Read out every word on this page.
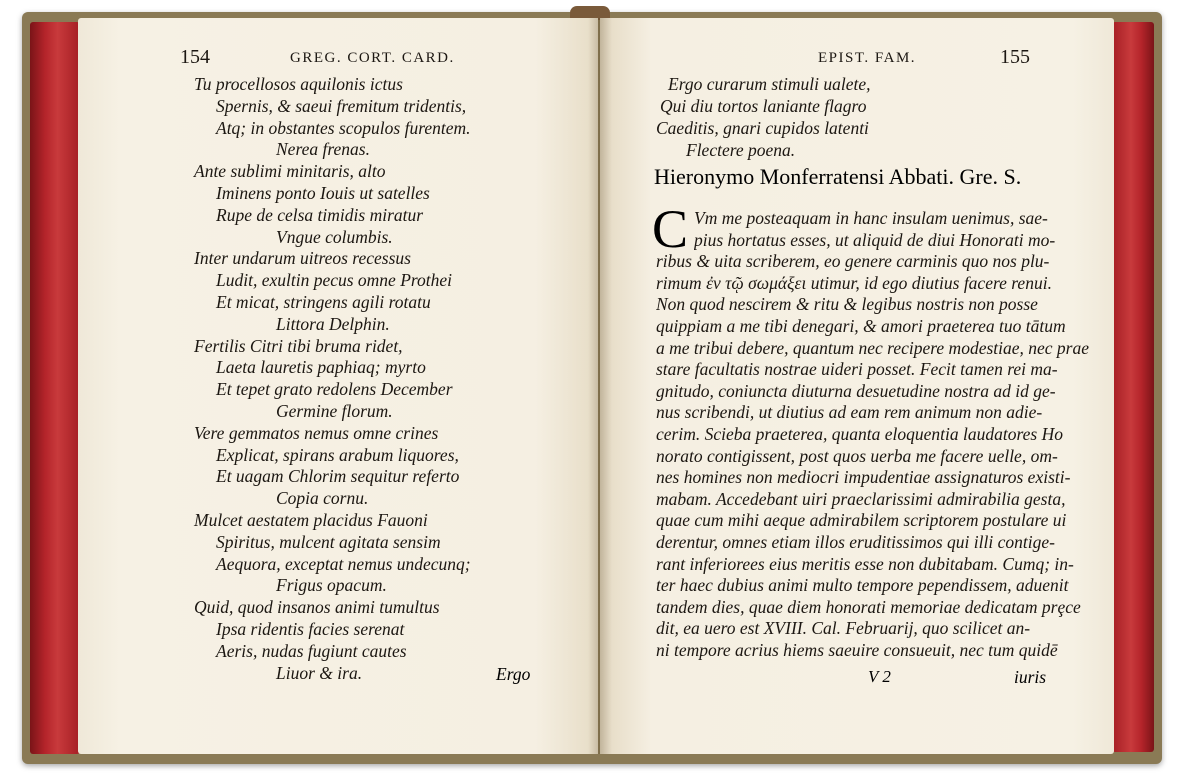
154	GREG. CORT. CARD.
Tu procellosos aquilonis ictus
Spernis, & saeui fremitum tridentis,
Atq; in obstantes scopulos furentem.
Nerea frenas.
Ante sublimi minitaris, alto
Iminens ponto Iouis ut satelles
Rupe de celsa timidis miratur
Vngue columbis.
Inter undarum uitreos recessus
Ludit, exultin pecus omne Prothei
Et micat, stringens agili rotatu
Littora Delphin.
Fertilis Citri tibi bruma ridet,
Laeta lauretis paphiaq; myrto
Et tepet grato redolens December
Germine florum.
Vere gemmatos nemus omne crines
Explicat, spirans arabum liquores,
Et uagam Chlorim sequitur referto
Copia cornu.
Mulcet aestatem placidus Fauoni
Spiritus, mulcent agitata sensim
Aequora, exceptat nemus undecunq;
Frigus opacum.
Quid, quod insanos animi tumultus
Ipsa ridentis facies serenat
Aeris, nudas fugiunt cautes
Liuor & ira.	Ergo
EPIST. FAM.	155
Ergo curarum stimuli ualete,
Qui diu tortos laniante flagro
Caeditis, gnari cupidos latenti
Flectere poena.
Hieronymo Monferratensi Abbati. Gre. S.
C Vm me posteaquam in hanc insulam uenimus, sae-
pius hortatus esses, ut aliquid de diui Honorati mo-
ribus & uita scriberem, eo genere carminis quo nos plu-
rimum ἐν τῷ σωμάξει utimur, id ego diutius facere renui.
Non quod nescirem & ritu & legibus nostris non posse
quippiam a me tibi denegari, & amori praeterea tuo tātum
a me tribui debere, quantum nec recipere modestiae, nec prae
stare facultatis nostrae uideri posset. Fecit tamen rei ma-
gnitudo, coniuncta diuturna desuetudine nostra ad id ge-
nus scribendi, ut diutius ad eam rem animum non adie-
cerim. Scieba praeterea, quanta eloquentia laudatores Ho
norato contigissent, post quos uerba me facere uelle, om-
nes homines non mediocri impudentiae assignaturos existi-
mabam. Accedebant uiri praeclarissimi admirabilia gesta,
quae cum mihi aeque admirabilem scriptorem postulare ui
derentur, omnes etiam illos eruditissimos qui illi contige-
rant inferiorees eius meritis esse non dubitabam. Cumq; in-
ter haec dubius animi multo tempore pependissem, aduenit
tandem dies, quae diem honorati memoriae dedicatam prȩce
dit, ea uero est XVIII. Cal. Februarij, quo scilicet an-
ni tempore acrius hiems saeuire consueuit, nec tum quidē
V 2	iuris
